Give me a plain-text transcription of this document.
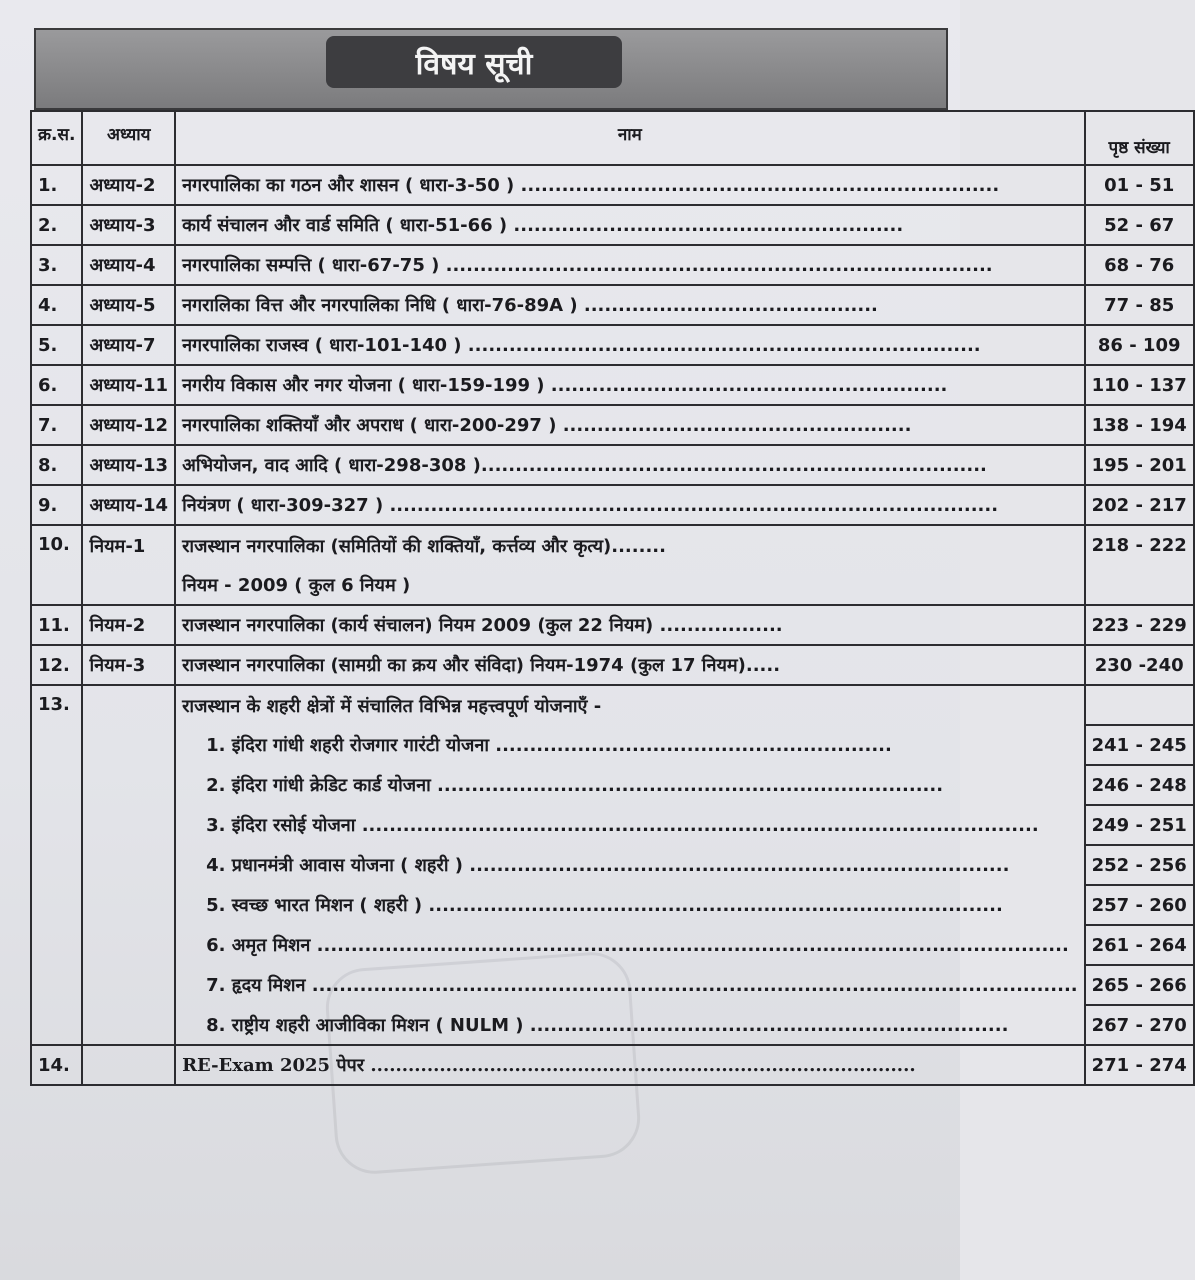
विषय सूची
क्र.स.	अध्याय	नाम	पृष्ठ संख्या
1.	अध्याय-2	नगरपालिका का गठन और शासन ( धारा-3-50 ) ......................................................................	01 - 51
2.	अध्याय-3	कार्य संचालन और वार्ड समिति ( धारा-51-66 ) .........................................................	52 - 67
3.	अध्याय-4	नगरपालिका सम्पत्ति ( धारा-67-75 ) ................................................................................	68 - 76
4.	अध्याय-5	नगरालिका वित्त और नगरपालिका निधि ( धारा-76-89A ) ...........................................	77 - 85
5.	अध्याय-7	नगरपालिका राजस्व ( धारा-101-140 ) ...........................................................................	86 - 109
6.	अध्याय-11	नगरीय विकास और नगर योजना ( धारा-159-199 ) ..........................................................	110 - 137
7.	अध्याय-12	नगरपालिका शक्तियाँ और अपराध ( धारा-200-297 ) ...................................................	138 - 194
8.	अध्याय-13	अभियोजन, वाद आदि ( धारा-298-308 )..........................................................................	195 - 201
9.	अध्याय-14	नियंत्रण ( धारा-309-327 ) .........................................................................................	202 - 217
10.	नियम-1	राजस्थान नगरपालिका (समितियों की शक्तियाँ, कर्त्तव्य और कृत्य)........	218 - 222
		नियम - 2009 ( कुल 6 नियम )	
11.	नियम-2	राजस्थान नगरपालिका (कार्य संचालन) नियम 2009 (कुल 22 नियम) ..................	223 - 229
12.	नियम-3	राजस्थान नगरपालिका (सामग्री का क्रय और संविदा) नियम-1974 (कुल 17 नियम).....	230 -240
13.		राजस्थान के शहरी क्षेत्रों में संचालित विभिन्न महत्त्वपूर्ण योजनाएँ -	
		1. इंदिरा गांधी शहरी रोजगार गारंटी योजना ..........................................................	241 - 245
		2. इंदिरा गांधी क्रेडिट कार्ड योजना ..........................................................................	246 - 248
		3. इंदिरा रसोई योजना ...................................................................................................	249 - 251
		4. प्रधानमंत्री आवास योजना ( शहरी ) ...............................................................................	252 - 256
		5. स्वच्छ भारत मिशन ( शहरी ) ....................................................................................	257 - 260
		6. अमृत मिशन ..............................................................................................................	261 - 264
		7. हृदय मिशन ................................................................................................................	265 - 266
		8. राष्ट्रीय शहरी आजीविका मिशन ( NULM ) ......................................................................	267 - 270
14.		RE-Exam 2025 पेपर .......................................................................................	271 - 274
